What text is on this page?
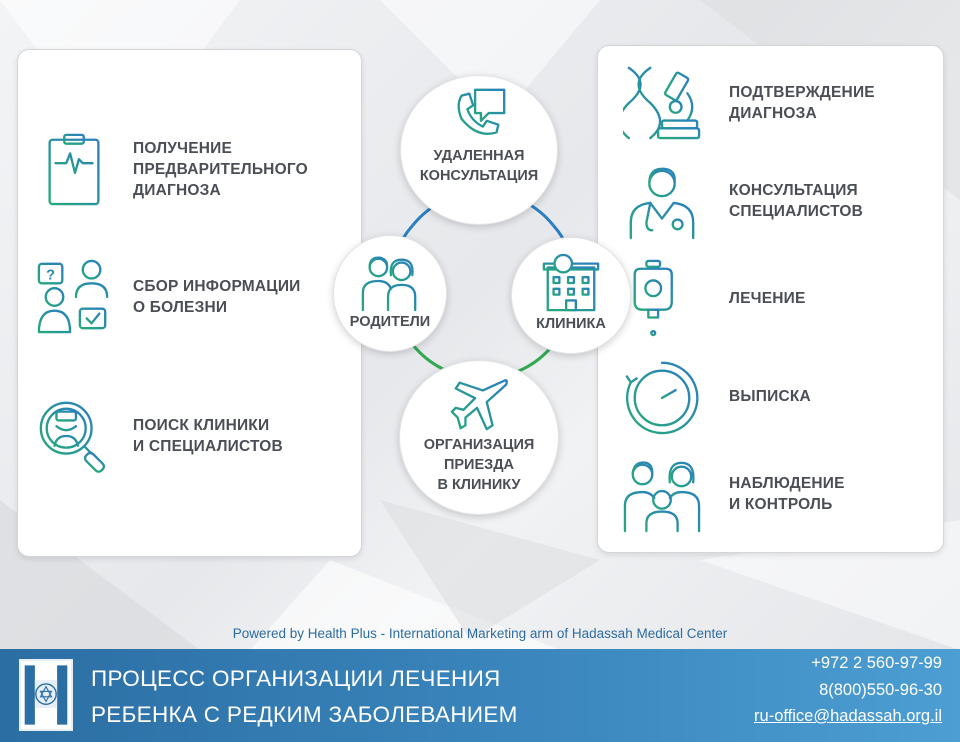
ПОЛУЧЕНИЕ
ПРЕДВАРИТЕЛЬНОГО
ДИАГНОЗА
?
СБОР ИНФОРМАЦИИ
О БОЛЕЗНИ
ПОИСК КЛИНИКИ
И СПЕЦИАЛИСТОВ
УДАЛЕННАЯ
КОНСУЛЬТАЦИЯ
РОДИТЕЛИ	КЛИНИКА
ОРГАНИЗАЦИЯ
ПРИЕЗДА
В КЛИНИКУ
ПОДТВЕРЖДЕНИЕ
ДИАГНОЗА
КОНСУЛЬТАЦИЯ
СПЕЦИАЛИСТОВ
ЛЕЧЕНИЕ
ВЫПИСКА
НАБЛЮДЕНИЕ
И КОНТРОЛЬ
Powered by Health Plus - International Marketing arm of Hadassah Medical Center
ПРОЦЕСС ОРГАНИЗАЦИИ ЛЕЧЕНИЯ
РЕБЕНКА С РЕДКИМ ЗАБОЛЕВАНИЕМ
+972 2 560-97-99
8(800)550-96-30
ru-office@hadassah.org.il
